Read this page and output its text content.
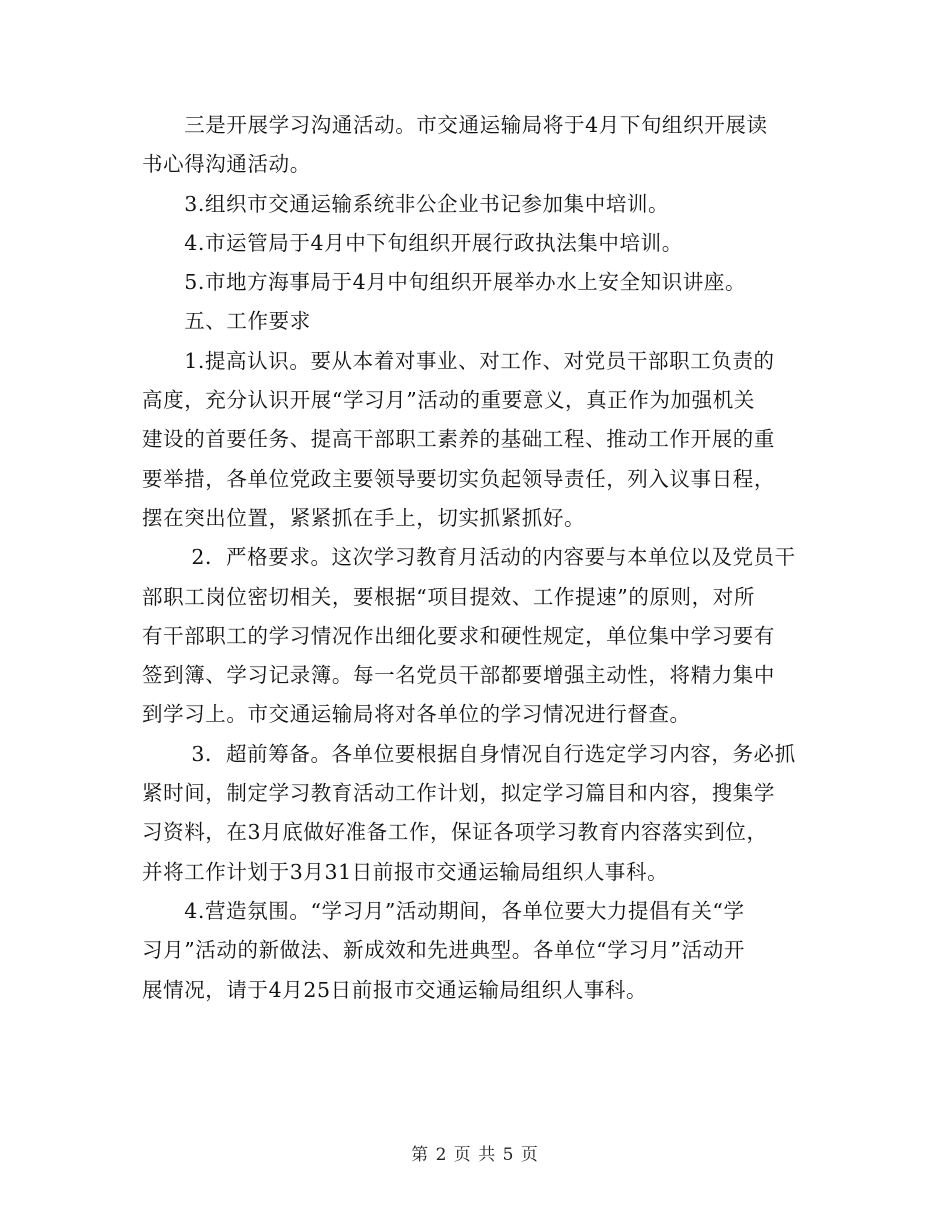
　　三是开展学习沟通活动。市交通运输局将于4月下旬组织开展读
书心得沟通活动。
　　3.组织市交通运输系统非公企业书记参加集中培训。
　　4.市运管局于4月中下旬组织开展行政执法集中培训。
　　5.市地方海事局于4月中旬组织开展举办水上安全知识讲座。
　　五、工作要求
　　1.提高认识。要从本着对事业、对工作、对党员干部职工负责的
高度，充分认识开展“学习月”活动的重要意义，真正作为加强机关
建设的首要任务、提高干部职工素养的基础工程、推动工作开展的重
要举措，各单位党政主要领导要切实负起领导责任，列入议事日程，
摆在突出位置，紧紧抓在手上，切实抓紧抓好。
　　 2．严格要求。这次学习教育月活动的内容要与本单位以及党员干
部职工岗位密切相关，要根据“项目提效、工作提速”的原则，对所
有干部职工的学习情况作出细化要求和硬性规定，单位集中学习要有
签到簿、学习记录簿。每一名党员干部都要增强主动性，将精力集中
到学习上。市交通运输局将对各单位的学习情况进行督查。
　　 3．超前筹备。各单位要根据自身情况自行选定学习内容，务必抓
紧时间，制定学习教育活动工作计划，拟定学习篇目和内容，搜集学
习资料，在3月底做好准备工作，保证各项学习教育内容落实到位，
并将工作计划于3月31日前报市交通运输局组织人事科。
　　4.营造氛围。“学习月”活动期间，各单位要大力提倡有关“学
习月”活动的新做法、新成效和先进典型。各单位“学习月”活动开
展情况，请于4月25日前报市交通运输局组织人事科。
第 2 页 共 5 页
